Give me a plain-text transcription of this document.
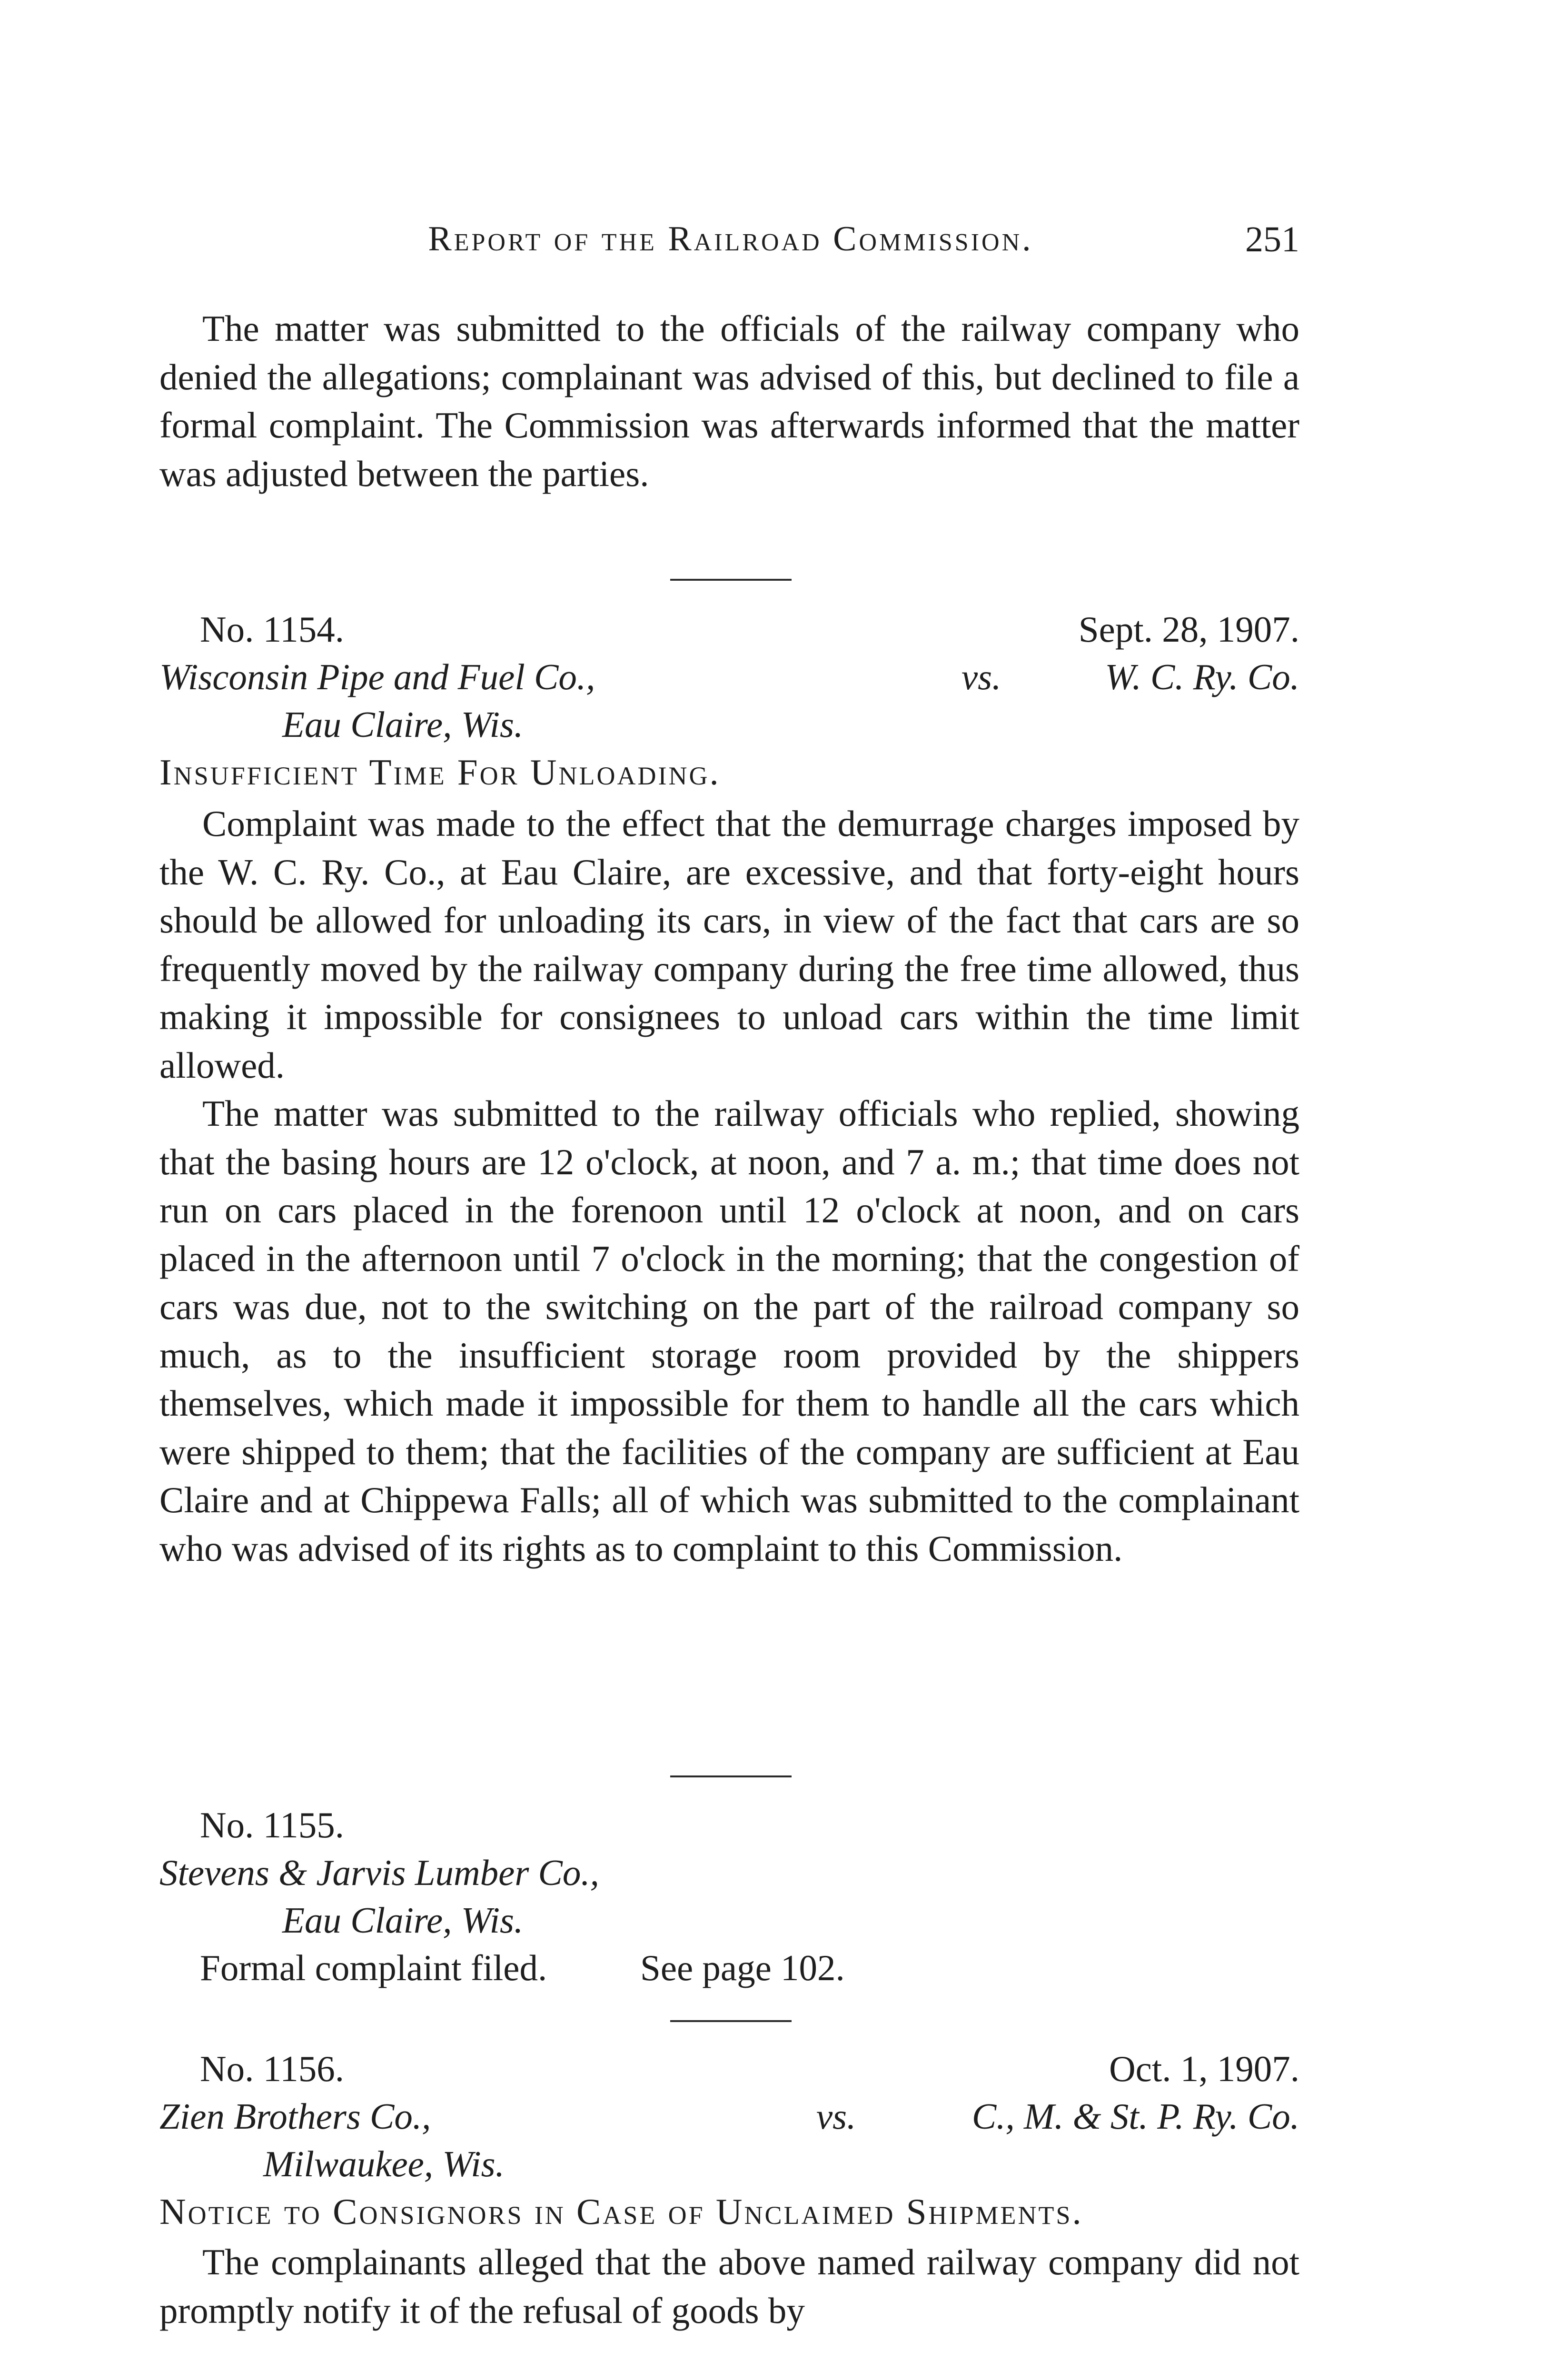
Report of the Railroad Commission.	251

The matter was submitted to the officials of the railway company who denied the allegations; complainant was advised of this, but declined to file a formal complaint. The Commission was afterwards informed that the matter was adjusted between the parties.

No. 1154.	Sept. 28, 1907.
Wisconsin Pipe and Fuel Co.,	vs.	W. C. Ry. Co.
Eau Claire, Wis.
Insufficient Time For Unloading.

Complaint was made to the effect that the demurrage charges imposed by the W. C. Ry. Co., at Eau Claire, are excessive, and that forty-eight hours should be allowed for unloading its cars, in view of the fact that cars are so frequently moved by the railway company during the free time allowed, thus making it impossible for consignees to unload cars within the time limit allowed.

The matter was submitted to the railway officials who replied, showing that the basing hours are 12 o'clock, at noon, and 7 a. m.; that time does not run on cars placed in the forenoon until 12 o'clock at noon, and on cars placed in the afternoon until 7 o'clock in the morning; that the congestion of cars was due, not to the switching on the part of the railroad company so much, as to the insufficient storage room provided by the shippers themselves, which made it impossible for them to handle all the cars which were shipped to them; that the facilities of the company are sufficient at Eau Claire and at Chippewa Falls; all of which was submitted to the complainant who was advised of its rights as to complaint to this Commission.

No. 1155.
Stevens & Jarvis Lumber Co.,
Eau Claire, Wis.
Formal complaint filed.	See page 102.
No. 1156.	Oct. 1, 1907.
Zien Brothers Co.,	vs.	C., M. & St. P. Ry. Co.
Milwaukee, Wis.
Notice to Consignors in Case of Unclaimed Shipments.

The complainants alleged that the above named railway company did not promptly notify it of the refusal of goods by
